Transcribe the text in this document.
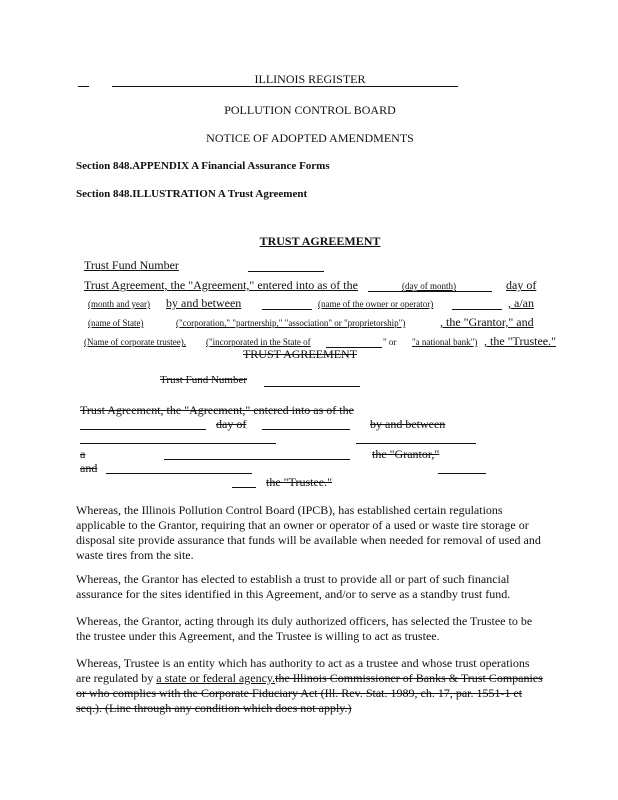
ILLINOIS REGISTER
POLLUTION CONTROL BOARD
NOTICE OF ADOPTED AMENDMENTS
Section 848.APPENDIX A Financial Assurance Forms
Section 848.ILLUSTRATION A Trust Agreement
TRUST AGREEMENT
Trust Fund Number
Trust Agreement, the "Agreement," entered into as of the	(day of month)	day of
(month and year) by and between	(name of the owner or operator)	, a/an
(name of State)	("corporation," "partnership," "association" or "proprietorship")	, the "Grantor," and
(Name of corporate trustee), ("incorporated in the State of	" or "a national bank") , the "Trustee."
TRUST AGREEMENT
Trust Fund Number
Trust Agreement, the "Agreement," entered into as of the
day of	by and between
a	the "Grantor,"
and
the "Trustee."
Whereas, the Illinois Pollution Control Board (IPCB), has established certain regulations applicable to the Grantor, requiring that an owner or operator of a used or waste tire storage or disposal site provide assurance that funds will be available when needed for removal of used and waste tires from the site.
Whereas, the Grantor has elected to establish a trust to provide all or part of such financial assurance for the sites identified in this Agreement, and/or to serve as a standby trust fund.
Whereas, the Grantor, acting through its duly authorized officers, has selected the Trustee to be the trustee under this Agreement, and the Trustee is willing to act as trustee.
Whereas, Trustee is an entity which has authority to act as a trustee and whose trust operations are regulated by a state or federal agency.the Illinois Commissioner of Banks & Trust Companies or who complies with the Corporate Fiduciary Act (Ill. Rev. Stat. 1989, ch. 17, par. 1551-1 et seq.). (Line through any condition which does not apply.)
